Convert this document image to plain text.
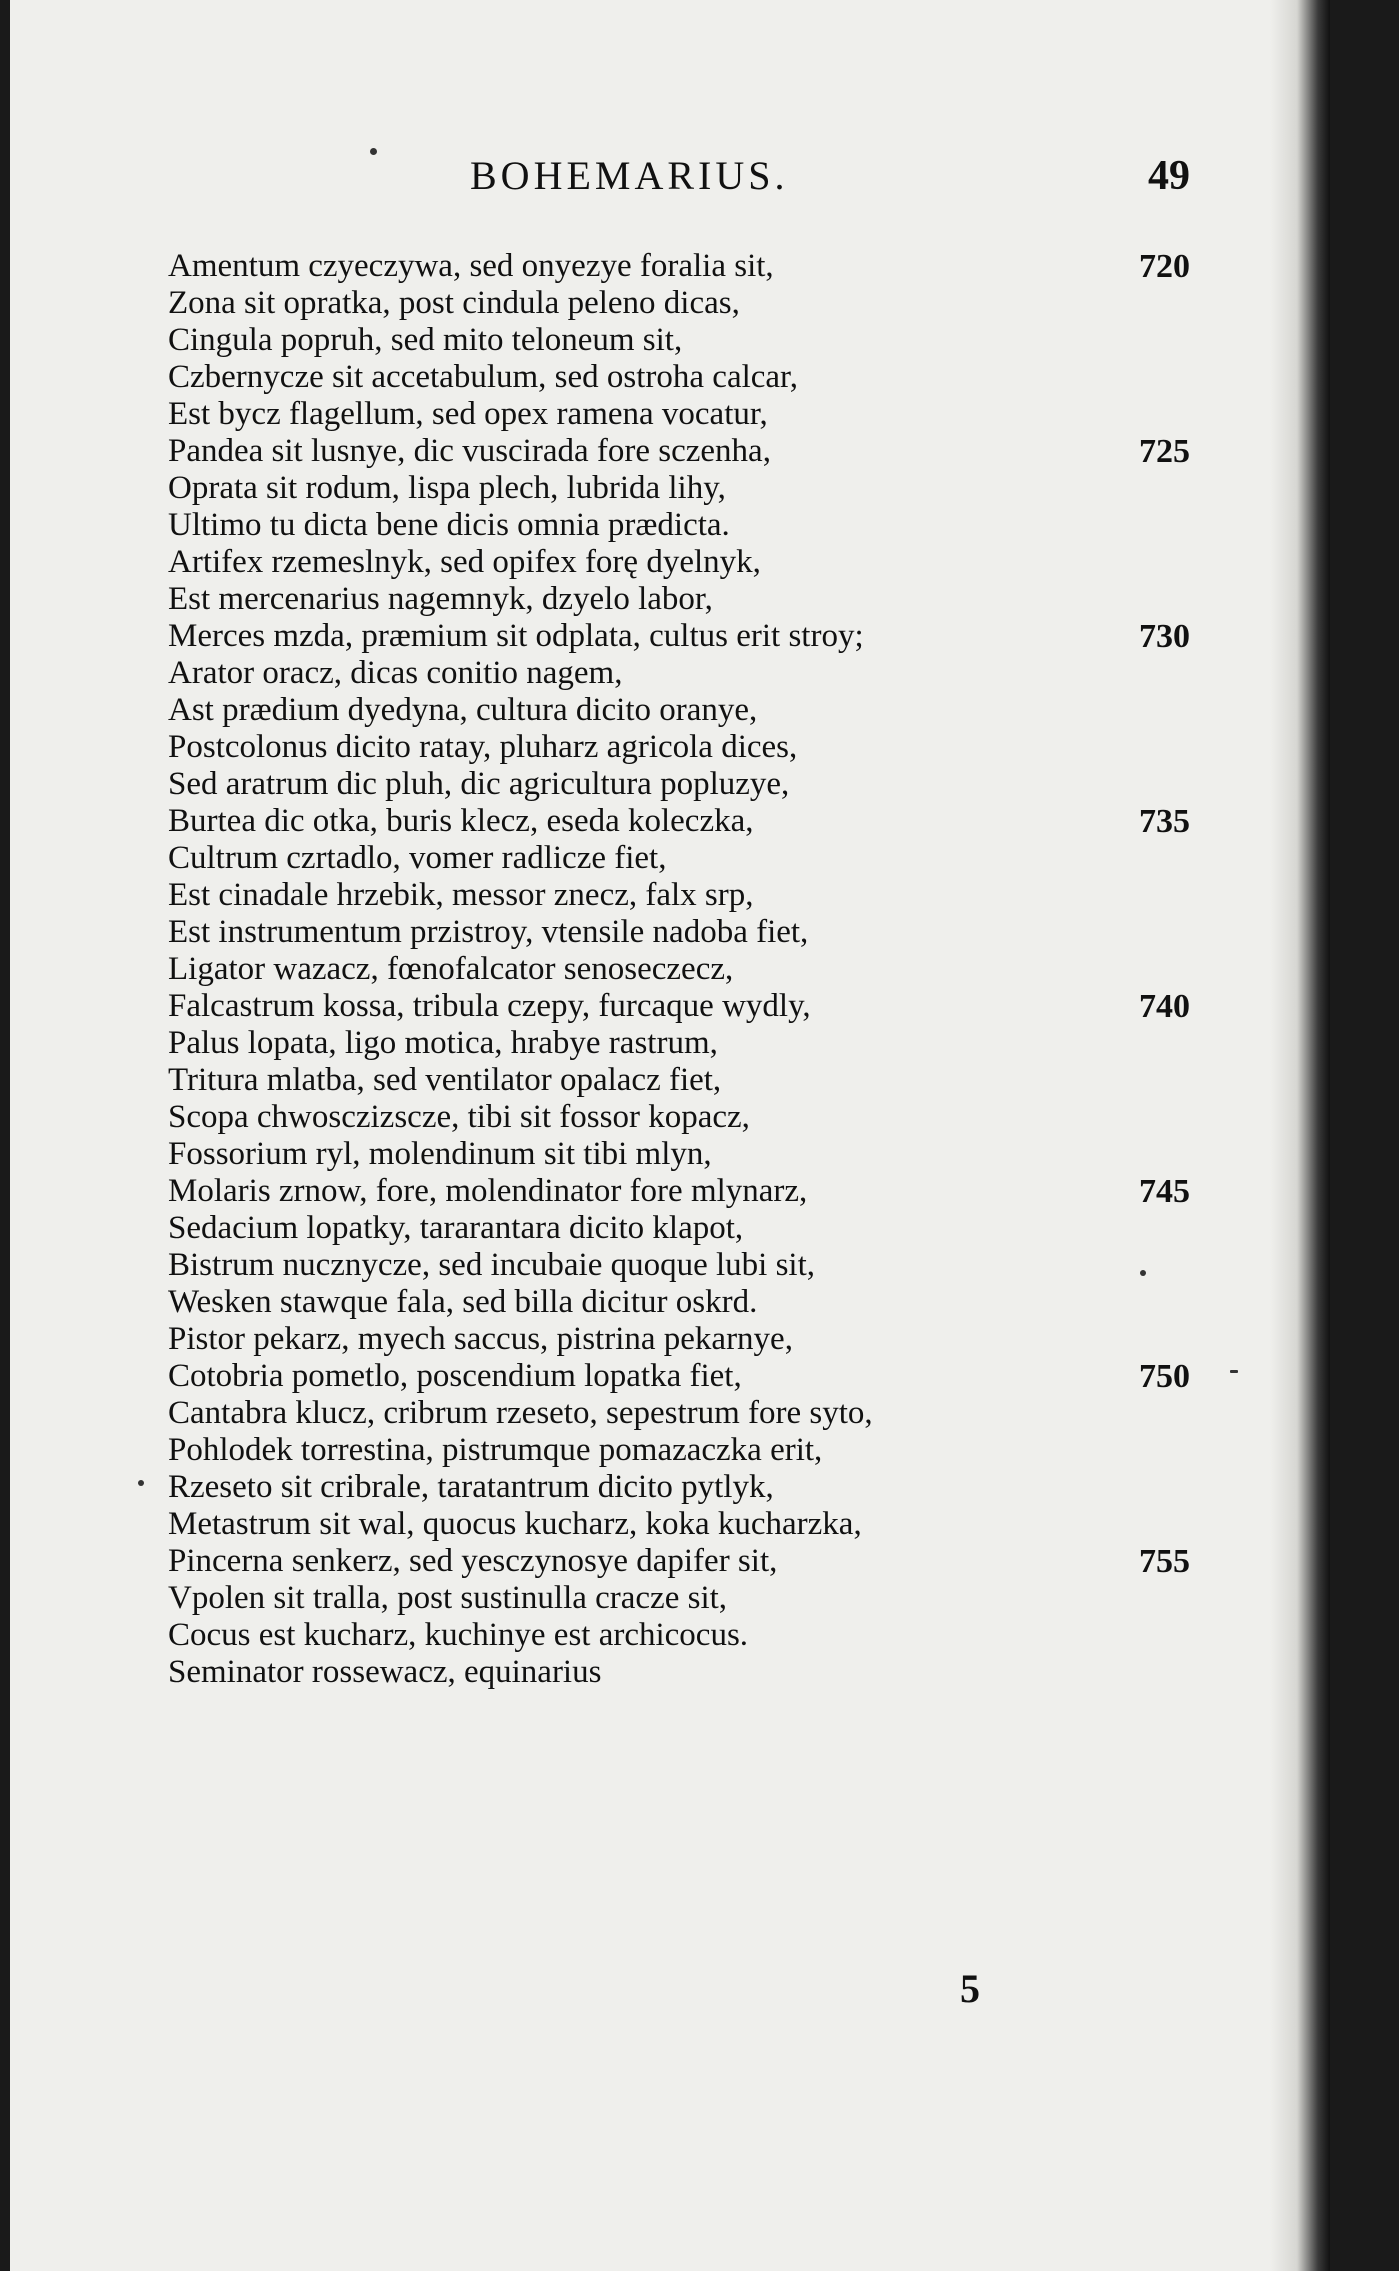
BOHEMARIUS.	49
Amentum czyeczywa, sed onyezye foralia sit,	720
Zona sit opratka, post cindula peleno dicas,
Cingula popruh, sed mito teloneum sit,
Czbernycze sit accetabulum, sed ostroha calcar,
Est bycz flagellum, sed opex ramena vocatur,
Pandea sit lusnye, dic vuscirada fore sczenha,	725
Oprata sit rodum, lispa plech, lubrida lihy,
Ultimo tu dicta bene dicis omnia prædicta.
Artifex rzemeslnyk, sed opifex forę dyelnyk,
Est mercenarius nagemnyk, dzyelo labor,
Merces mzda, præmium sit odplata, cultus erit stroy;	730
Arator oracz, dicas conitio nagem,
Ast prædium dyedyna, cultura dicito oranye,
Postcolonus dicito ratay, pluharz agricola dices,
Sed aratrum dic pluh, dic agricultura popluzye,
Burtea dic otka, buris klecz, eseda koleczka,	735
Cultrum czrtadlo, vomer radlicze fiet,
Est cinadale hrzebik, messor znecz, falx srp,
Est instrumentum przistroy, vtensile nadoba fiet,
Ligator wazacz, fœnofalcator senoseczecz,
Falcastrum kossa, tribula czepy, furcaque wydly,	740
Palus lopata, ligo motica, hrabye rastrum,
Tritura mlatba, sed ventilator opalacz fiet,
Scopa chwosczizscze, tibi sit fossor kopacz,
Fossorium ryl, molendinum sit tibi mlyn,
Molaris zrnow, fore, molendinator fore mlynarz,	745
Sedacium lopatky, tararantara dicito klapot,
Bistrum nucznycze, sed incubaie quoque lubi sit,
Wesken stawque fala, sed billa dicitur oskrd.
Pistor pekarz, myech saccus, pistrina pekarnye,
Cotobria pometlo, poscendium lopatka fiet,	750
Cantabra klucz, cribrum rzeseto, sepestrum fore syto,
Pohlodek torrestina, pistrumque pomazaczka erit,
Rzeseto sit cribrale, taratantrum dicito pytlyk,
Metastrum sit wal, quocus kucharz, koka kucharzka,
Pincerna senkerz, sed yesczynosye dapifer sit,	755
Vpolen sit tralla, post sustinulla cracze sit,
Cocus est kucharz, kuchinye est archicocus.
Seminator rossewacz, equinarius
5
